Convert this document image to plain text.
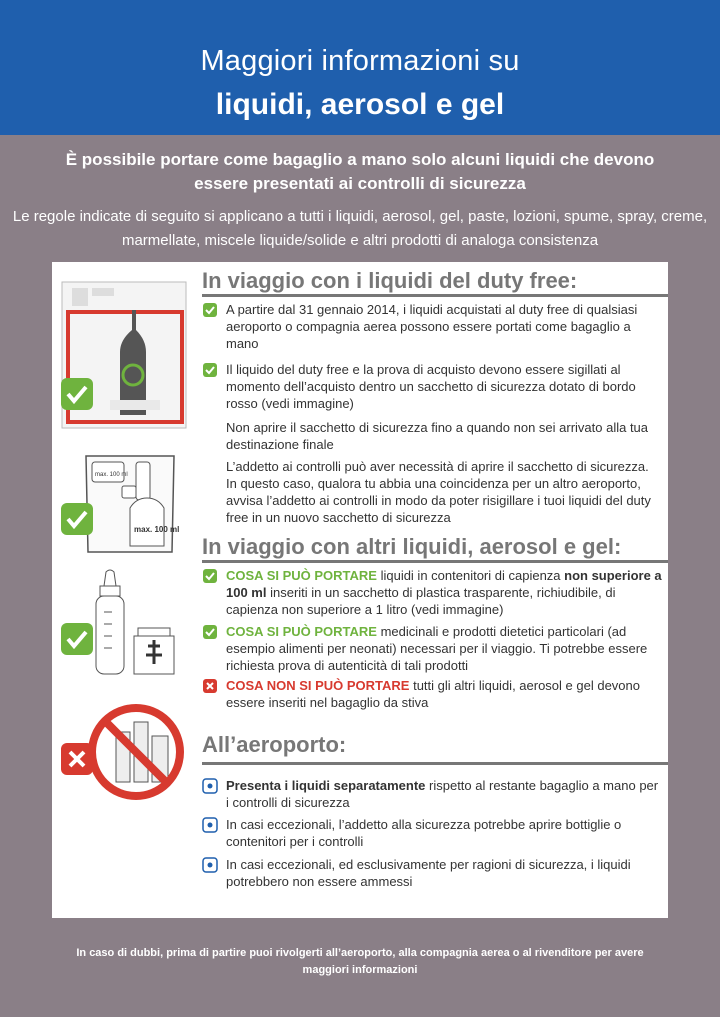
Maggiori informazioni su
liquidi, aerosol e gel
È possibile portare come bagaglio a mano solo alcuni liquidi che devono essere presentati ai controlli di sicurezza
Le regole indicate di seguito si applicano a tutti i liquidi, aerosol, gel, paste, lozioni, spume, spray, creme, marmellate, miscele liquide/solide e altri prodotti di analoga consistenza
max. 100 ml
max. 100 ml
In viaggio con i liquidi del duty free:
A partire dal 31 gennaio 2014, i liquidi acquistati al duty free di qualsiasi aeroporto o compagnia aerea possono essere portati come bagaglio a mano
Il liquido del duty free e la prova di acquisto devono essere sigillati al momento dell’acquisto dentro un sacchetto di sicurezza dotato di bordo rosso (vedi immagine)
Non aprire il sacchetto di sicurezza fino a quando non sei arrivato alla tua destinazione finale
L’addetto ai controlli può aver necessità di aprire il sacchetto di sicurezza. In questo caso, qualora tu abbia una coincidenza per un altro aeroporto, avvisa l’addetto ai controlli in modo da poter risigillare i tuoi liquidi del duty free in un nuovo sacchetto di sicurezza
In viaggio con altri liquidi, aerosol e gel:
COSA SI PUÒ PORTARE liquidi in contenitori di capienza non superiore a 100 ml inseriti in un sacchetto di plastica trasparente, richiudibile, di capienza non superiore a 1 litro (vedi immagine)
COSA SI PUÒ PORTARE medicinali e prodotti dietetici particolari (ad esempio alimenti per neonati) necessari per il viaggio. Ti potrebbe essere richiesta prova di autenticità di tali prodotti
COSA NON SI PUÒ PORTARE tutti gli altri liquidi, aerosol e gel devono essere inseriti nel bagaglio da stiva
All’aeroporto:
Presenta i liquidi separatamente rispetto al restante bagaglio a mano per i controlli di sicurezza
In casi eccezionali, l’addetto alla sicurezza potrebbe aprire bottiglie o contenitori per i controlli
In casi eccezionali, ed esclusivamente per ragioni di sicurezza, i liquidi potrebbero non essere ammessi
In caso di dubbi, prima di partire puoi rivolgerti all’aeroporto, alla compagnia aerea o al rivenditore per avere maggiori informazioni
